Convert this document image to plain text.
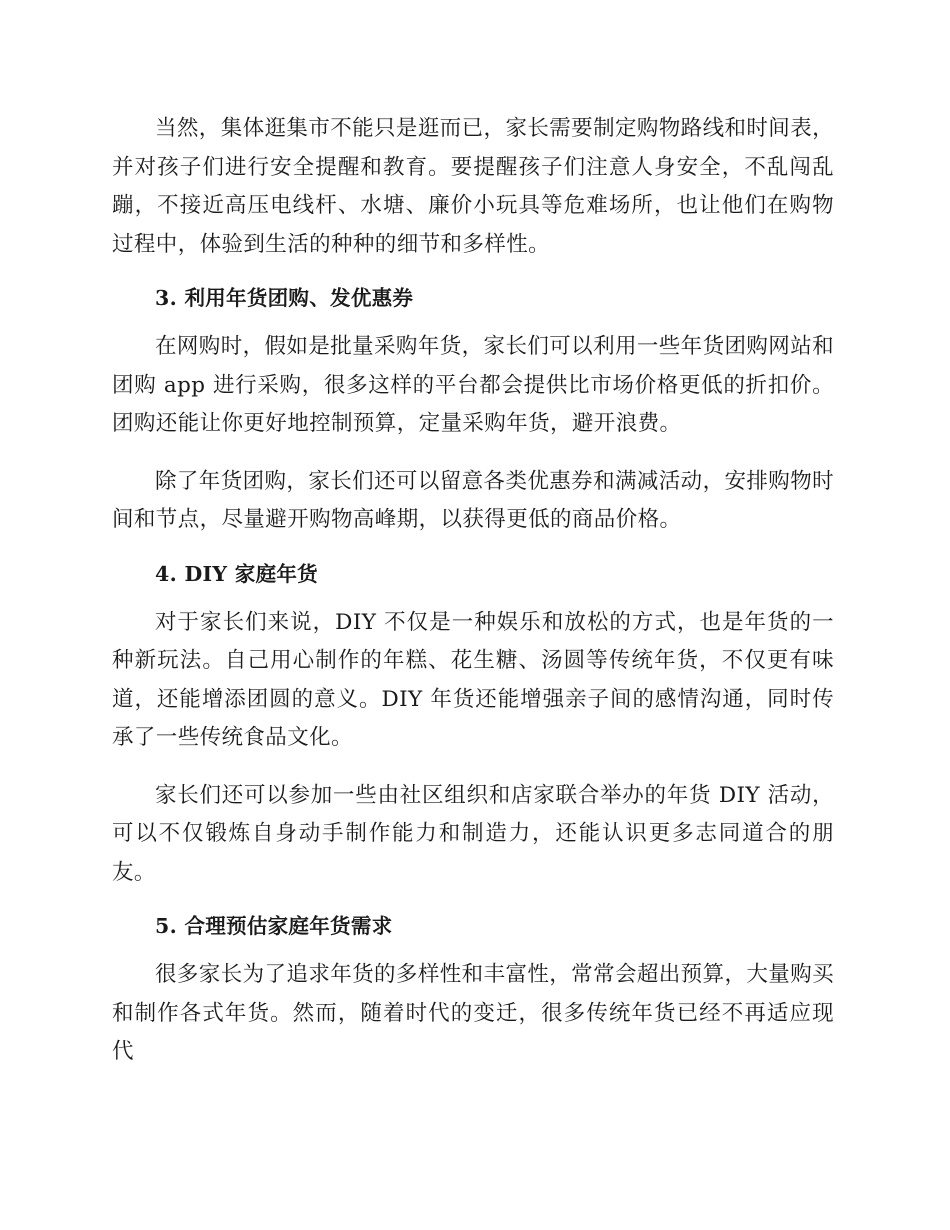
当然，集体逛集市不能只是逛而已，家长需要制定购物路线和时间表，并对孩子们进行安全提醒和教育。要提醒孩子们注意人身安全，不乱闯乱蹦，不接近高压电线杆、水塘、廉价小玩具等危难场所，也让他们在购物过程中，体验到生活的种种的细节和多样性。

3. 利用年货团购、发优惠券

在网购时，假如是批量采购年货，家长们可以利用一些年货团购网站和团购 app 进行采购，很多这样的平台都会提供比市场价格更低的折扣价。团购还能让你更好地控制预算，定量采购年货，避开浪费。

除了年货团购，家长们还可以留意各类优惠券和满减活动，安排购物时间和节点，尽量避开购物高峰期，以获得更低的商品价格。

4. DIY 家庭年货

对于家长们来说，DIY 不仅是一种娱乐和放松的方式，也是年货的一种新玩法。自己用心制作的年糕、花生糖、汤圆等传统年货，不仅更有味道，还能增添团圆的意义。DIY 年货还能增强亲子间的感情沟通，同时传承了一些传统食品文化。

家长们还可以参加一些由社区组织和店家联合举办的年货 DIY 活动，可以不仅锻炼自身动手制作能力和制造力，还能认识更多志同道合的朋友。

5. 合理预估家庭年货需求

很多家长为了追求年货的多样性和丰富性，常常会超出预算，大量购买和制作各式年货。然而，随着时代的变迁，很多传统年货已经不再适应现代
